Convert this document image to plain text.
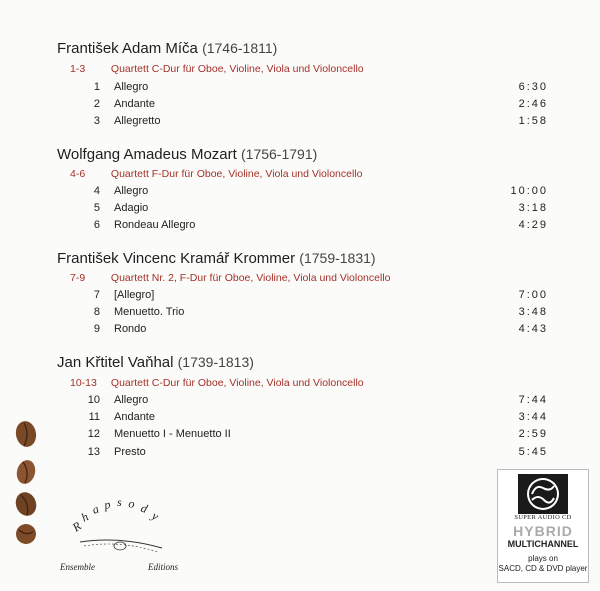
František Adam Míča (1746-1811)
1-3 Quartett C-Dur für Oboe, Violine, Viola und Violoncello
1 Allegro	6:30
2 Andante	2:46
3 Allegretto	1:58
Wolfgang Amadeus Mozart (1756-1791)
4-6 Quartett F-Dur für Oboe, Violine, Viola und Violoncello
4 Allegro	10:00
5 Adagio	3:18
6 Rondeau Allegro	4:29
František Vincenc Kramář Krommer (1759-1831)
7-9 Quartett Nr. 2, F-Dur für Oboe, Violine, Viola und Violoncello
7 [Allegro]	7:00
8 Menuetto. Trio	3:48
9 Rondo	4:43
Jan Křtitel Vaňhal (1739-1813)
10-13 Quartett C-Dur für Oboe, Violine, Viola und Violoncello
10 Allegro	7:44
11 Andante	3:44
12 Menuetto I - Menuetto II	2:59
13 Presto	5:45
R
h
a p s o d y
Ensemble	Editions
SUPER AUDIO CD
HYBRID
MULTICHANNEL
plays on
SACD, CD & DVD player
